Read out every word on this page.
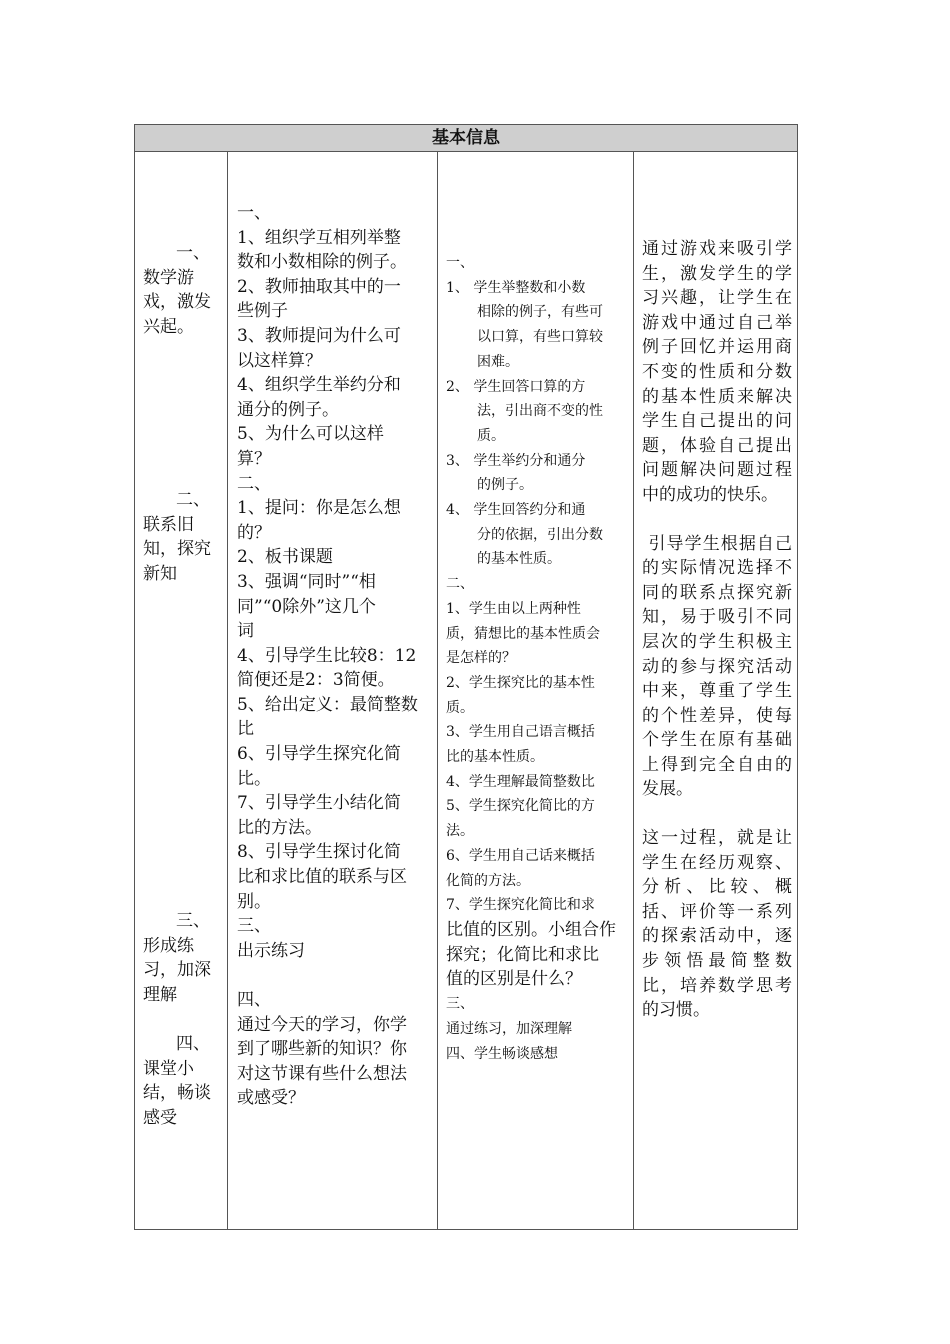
基本信息
一、
数学游
戏，激发
兴起。
二、
联系旧
知，探究
新知
三、
形成练
习，加深
理解
四、
课堂小
结，畅谈
感受
一、
1、组织学互相列举整
数和小数相除的例子。
2、教师抽取其中的一
些例子
3、教师提问为什么可
以这样算？
4、组织学生举约分和
通分的例子。
5、为什么可以这样
算？
二、
1、提问：你是怎么想
的？
2、板书课题
3、强调“同时”“相
同”“0除外”这几个
词
4、引导学生比较8：12
简便还是2：3简便。
5、给出定义：最简整数
比
6、引导学生探究化简
比。
7、引导学生小结化简
比的方法。
8、引导学生探讨化简
比和求比值的联系与区
别。
三、
出示练习

四、
通过今天的学习，你学
到了哪些新的知识？你
对这节课有些什么想法
或感受？
一、
1、 学生举整数和小数
相除的例子，有些可
以口算，有些口算较
困难。
2、 学生回答口算的方
法，引出商不变的性
质。
3、 学生举约分和通分
的例子。
4、 学生回答约分和通
分的依据，引出分数
的基本性质。
二、
1、学生由以上两种性
质，猜想比的基本性质会
是怎样的？
2、学生探究比的基本性
质。
3、学生用自己语言概括
比的基本性质。
4、学生理解最简整数比
5、学生探究化简比的方
法。
6、学生用自己话来概括
化简的方法。
7、学生探究化简比和求
比值的区别。小组合作
探究；化简比和求比
值的区别是什么？
三、
通过练习，加深理解
四、学生畅谈感想
通过游戏来吸引学生，激发学生的学习兴趣，让学生在游戏中通过自己举例子回忆并运用商不变的性质和分数的基本性质来解决学生自己提出的问题，体验自己提出问题解决问题过程中的成功的快乐。
引导学生根据自己的实际情况选择不同的联系点探究新知，易于吸引不同层次的学生积极主动的参与探究活动中来，尊重了学生的个性差异，使每个学生在原有基础上得到完全自由的发展。
这一过程，就是让学生在经历观察、分析、比较、概括、评价等一系列的探索活动中，逐步领悟最简整数比，培养数学思考的习惯。
